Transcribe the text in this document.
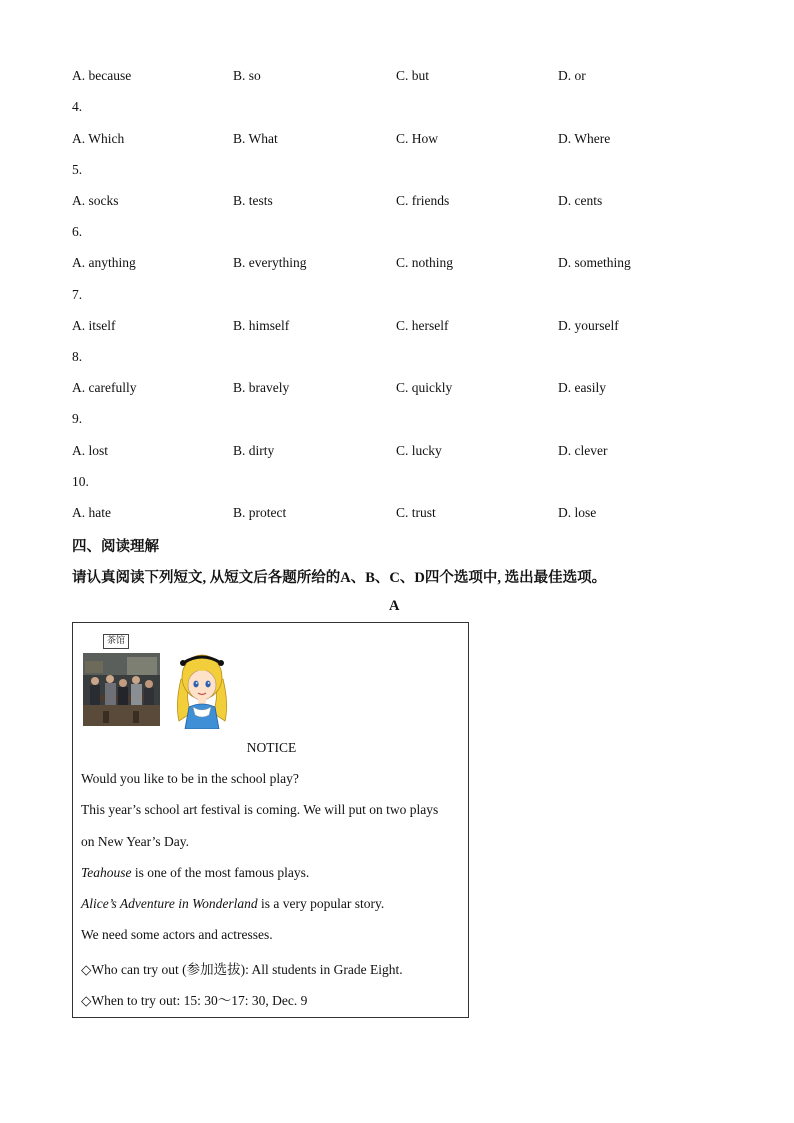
A. because	B. so	C. but	D. or
4.
A. Which	B. What	C. How	D. Where
5.
A. socks	B. tests	C. friends	D. cents
6.
A. anything	B. everything	C. nothing	D. something
7.
A. itself	B. himself	C. herself	D. yourself
8.
A. carefully	B. bravely	C. quickly	D. easily
9.
A. lost	B. dirty	C. lucky	D. clever
10.
A. hate	B. protect	C. trust	D. lose
四、阅读理解
请认真阅读下列短文, 从短文后各题所给的A、B、C、D四个选项中, 选出最佳选项。
A
茶馆
NOTICE
Would you like to be in the school play?
This year’s school art festival is coming. We will put on two plays
on New Year’s Day.
Teahouse is one of the most famous plays.
Alice’s Adventure in Wonderland is a very popular story.
We need some actors and actresses.
◇Who can try out (参加选拔): All students in Grade Eight.
◇When to try out: 15: 30～17: 30, Dec. 9
